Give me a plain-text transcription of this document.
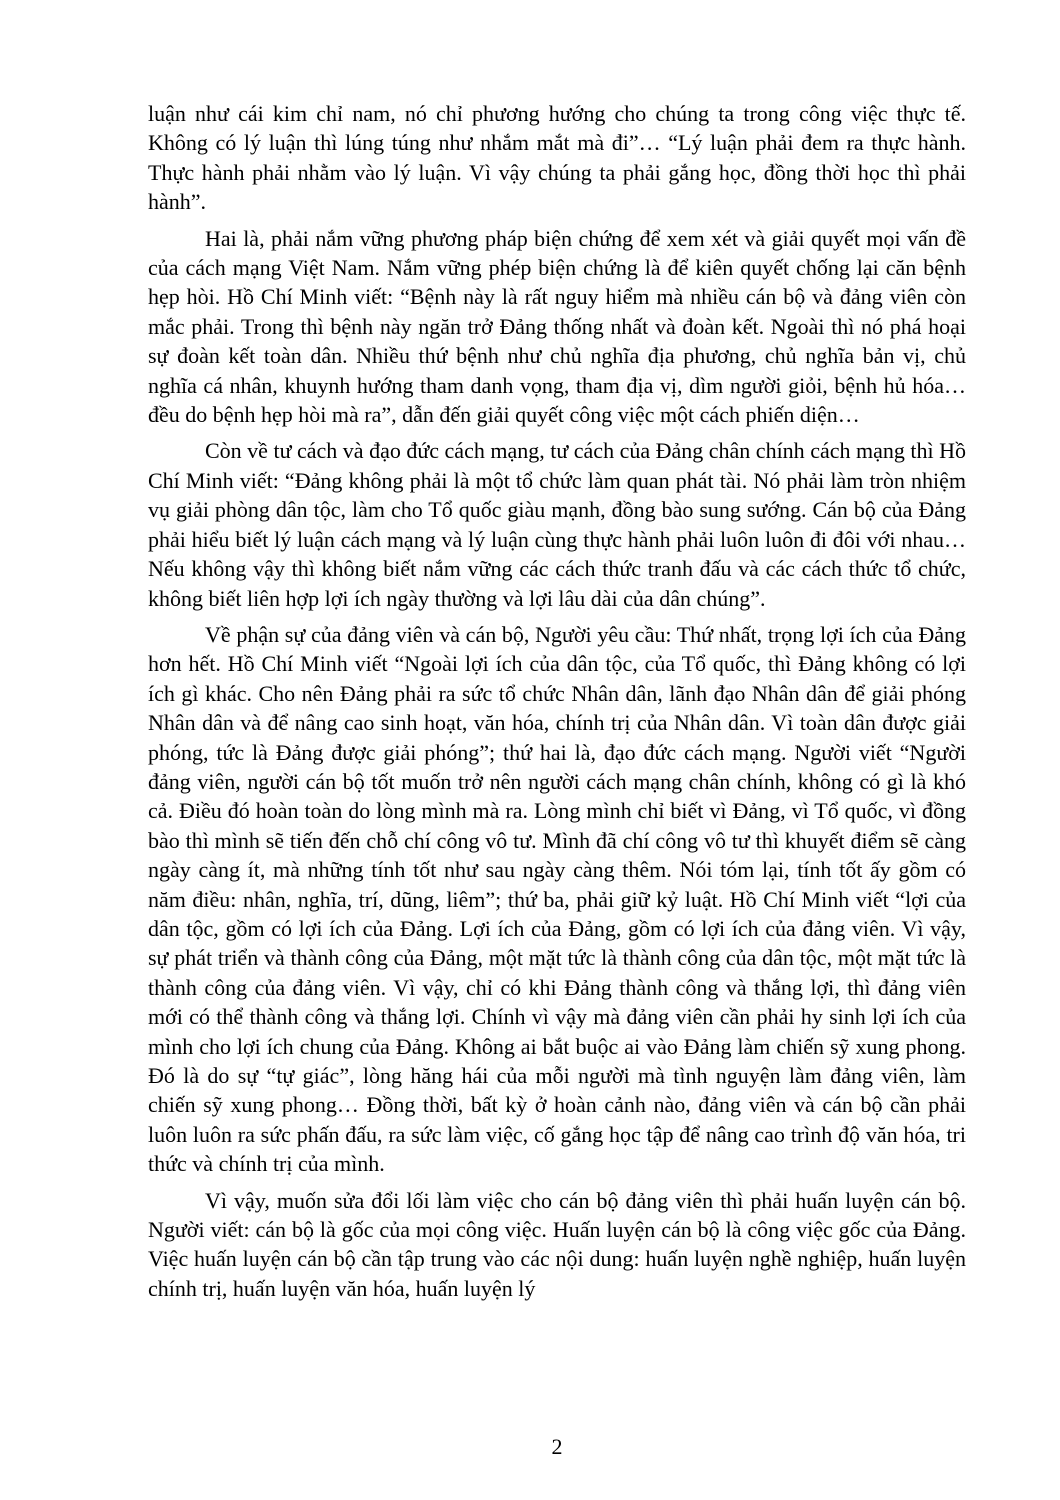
luận như cái kim chỉ nam, nó chỉ phương hướng cho chúng ta trong công việc thực tế. Không có lý luận thì lúng túng như nhắm mắt mà đi”… “Lý luận phải đem ra thực hành. Thực hành phải nhằm vào lý luận. Vì vậy chúng ta phải gắng học, đồng thời học thì phải hành”.

Hai là, phải nắm vững phương pháp biện chứng để xem xét và giải quyết mọi vấn đề của cách mạng Việt Nam. Nắm vững phép biện chứng là để kiên quyết chống lại căn bệnh hẹp hòi. Hồ Chí Minh viết: “Bệnh này là rất nguy hiểm mà nhiều cán bộ và đảng viên còn mắc phải. Trong thì bệnh này ngăn trở Đảng thống nhất và đoàn kết. Ngoài thì nó phá hoại sự đoàn kết toàn dân. Nhiều thứ bệnh như chủ nghĩa địa phương, chủ nghĩa bản vị, chủ nghĩa cá nhân, khuynh hướng tham danh vọng, tham địa vị, dìm người giỏi, bệnh hủ hóa… đều do bệnh hẹp hòi mà ra”, dẫn đến giải quyết công việc một cách phiến diện…

Còn về tư cách và đạo đức cách mạng, tư cách của Đảng chân chính cách mạng thì Hồ Chí Minh viết: “Đảng không phải là một tổ chức làm quan phát tài. Nó phải làm tròn nhiệm vụ giải phòng dân tộc, làm cho Tổ quốc giàu mạnh, đồng bào sung sướng. Cán bộ của Đảng phải hiểu biết lý luận cách mạng và lý luận cùng thực hành phải luôn luôn đi đôi với nhau…Nếu không vậy thì không biết nắm vững các cách thức tranh đấu và các cách thức tổ chức, không biết liên hợp lợi ích ngày thường và lợi lâu dài của dân chúng”.

Về phận sự của đảng viên và cán bộ, Người yêu cầu: Thứ nhất, trọng lợi ích của Đảng hơn hết. Hồ Chí Minh viết “Ngoài lợi ích của dân tộc, của Tổ quốc, thì Đảng không có lợi ích gì khác. Cho nên Đảng phải ra sức tổ chức Nhân dân, lãnh đạo Nhân dân để giải phóng Nhân dân và để nâng cao sinh hoạt, văn hóa, chính trị của Nhân dân. Vì toàn dân được giải phóng, tức là Đảng được giải phóng”; thứ hai là, đạo đức cách mạng. Người viết “Người đảng viên, người cán bộ tốt muốn trở nên người cách mạng chân chính, không có gì là khó cả. Điều đó hoàn toàn do lòng mình mà ra. Lòng mình chỉ biết vì Đảng, vì Tổ quốc, vì đồng bào thì mình sẽ tiến đến chỗ chí công vô tư. Mình đã chí công vô tư thì khuyết điểm sẽ càng ngày càng ít, mà những tính tốt như sau ngày càng thêm. Nói tóm lại, tính tốt ấy gồm có năm điều: nhân, nghĩa, trí, dũng, liêm”; thứ ba, phải giữ kỷ luật. Hồ Chí Minh viết “lợi của dân tộc, gồm có lợi ích của Đảng. Lợi ích của Đảng, gồm có lợi ích của đảng viên. Vì vậy, sự phát triển và thành công của Đảng, một mặt tức là thành công của dân tộc, một mặt tức là thành công của đảng viên. Vì vậy, chỉ có khi Đảng thành công và thắng lợi, thì đảng viên mới có thể thành công và thắng lợi. Chính vì vậy mà đảng viên cần phải hy sinh lợi ích của mình cho lợi ích chung của Đảng. Không ai bắt buộc ai vào Đảng làm chiến sỹ xung phong. Đó là do sự “tự giác”, lòng hăng hái của mỗi người mà tình nguyện làm đảng viên, làm chiến sỹ xung phong… Đồng thời, bất kỳ ở hoàn cảnh nào, đảng viên và cán bộ cần phải luôn luôn ra sức phấn đấu, ra sức làm việc, cố gắng học tập để nâng cao trình độ văn hóa, tri thức và chính trị của mình.

Vì vậy, muốn sửa đổi lối làm việc cho cán bộ đảng viên thì phải huấn luyện cán bộ. Người viết: cán bộ là gốc của mọi công việc. Huấn luyện cán bộ là công việc gốc của Đảng. Việc huấn luyện cán bộ cần tập trung vào các nội dung: huấn luyện nghề nghiệp, huấn luyện chính trị, huấn luyện văn hóa, huấn luyện lý

2
